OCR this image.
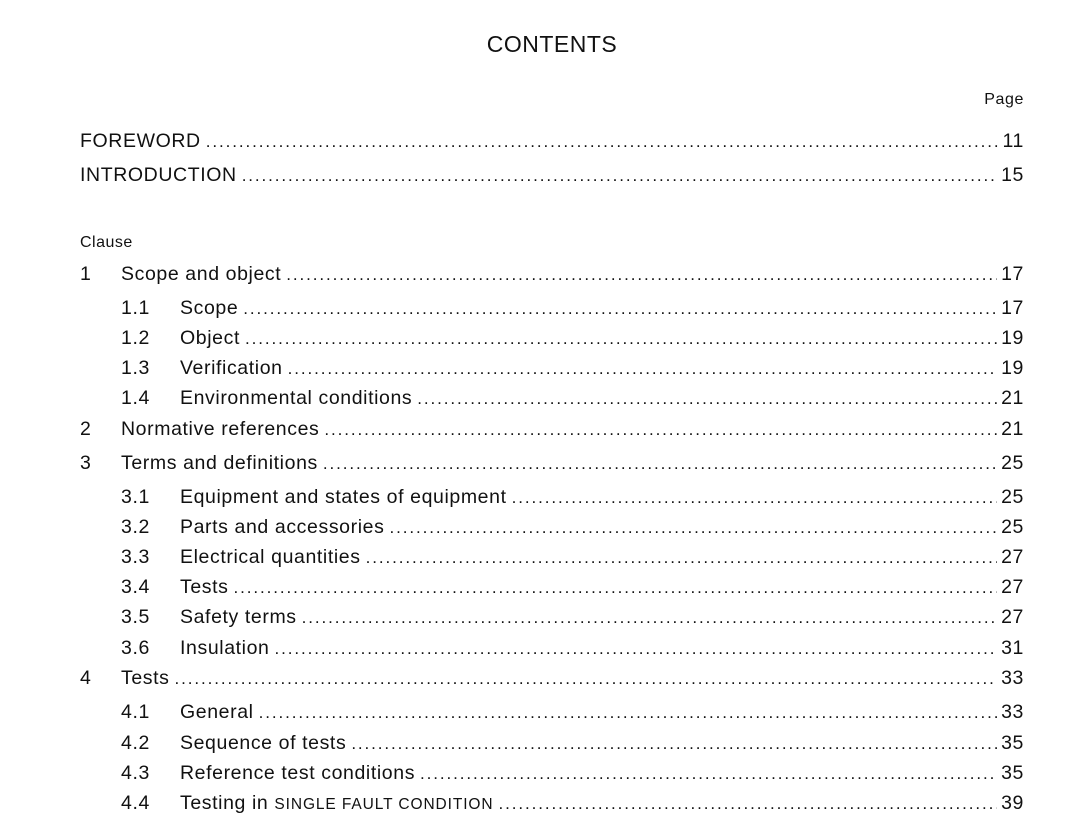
CONTENTS
Page
FOREWORD .....	11
INTRODUCTION .....	15
Clause
1	Scope and object .....	17
1.1	Scope .....	17
1.2	Object .....	19
1.3	Verification .....	19
1.4	Environmental conditions .....	21
2	Normative references .....	21
3	Terms and definitions .....	25
3.1	Equipment and states of equipment .....	25
3.2	Parts and accessories .....	25
3.3	Electrical quantities .....	27
3.4	Tests .....	27
3.5	Safety terms .....	27
3.6	Insulation .....	31
4	Tests .....	33
4.1	General .....	33
4.2	Sequence of tests .....	35
4.3	Reference test conditions .....	35
4.4	Testing in SINGLE FAULT CONDITION .....	39
